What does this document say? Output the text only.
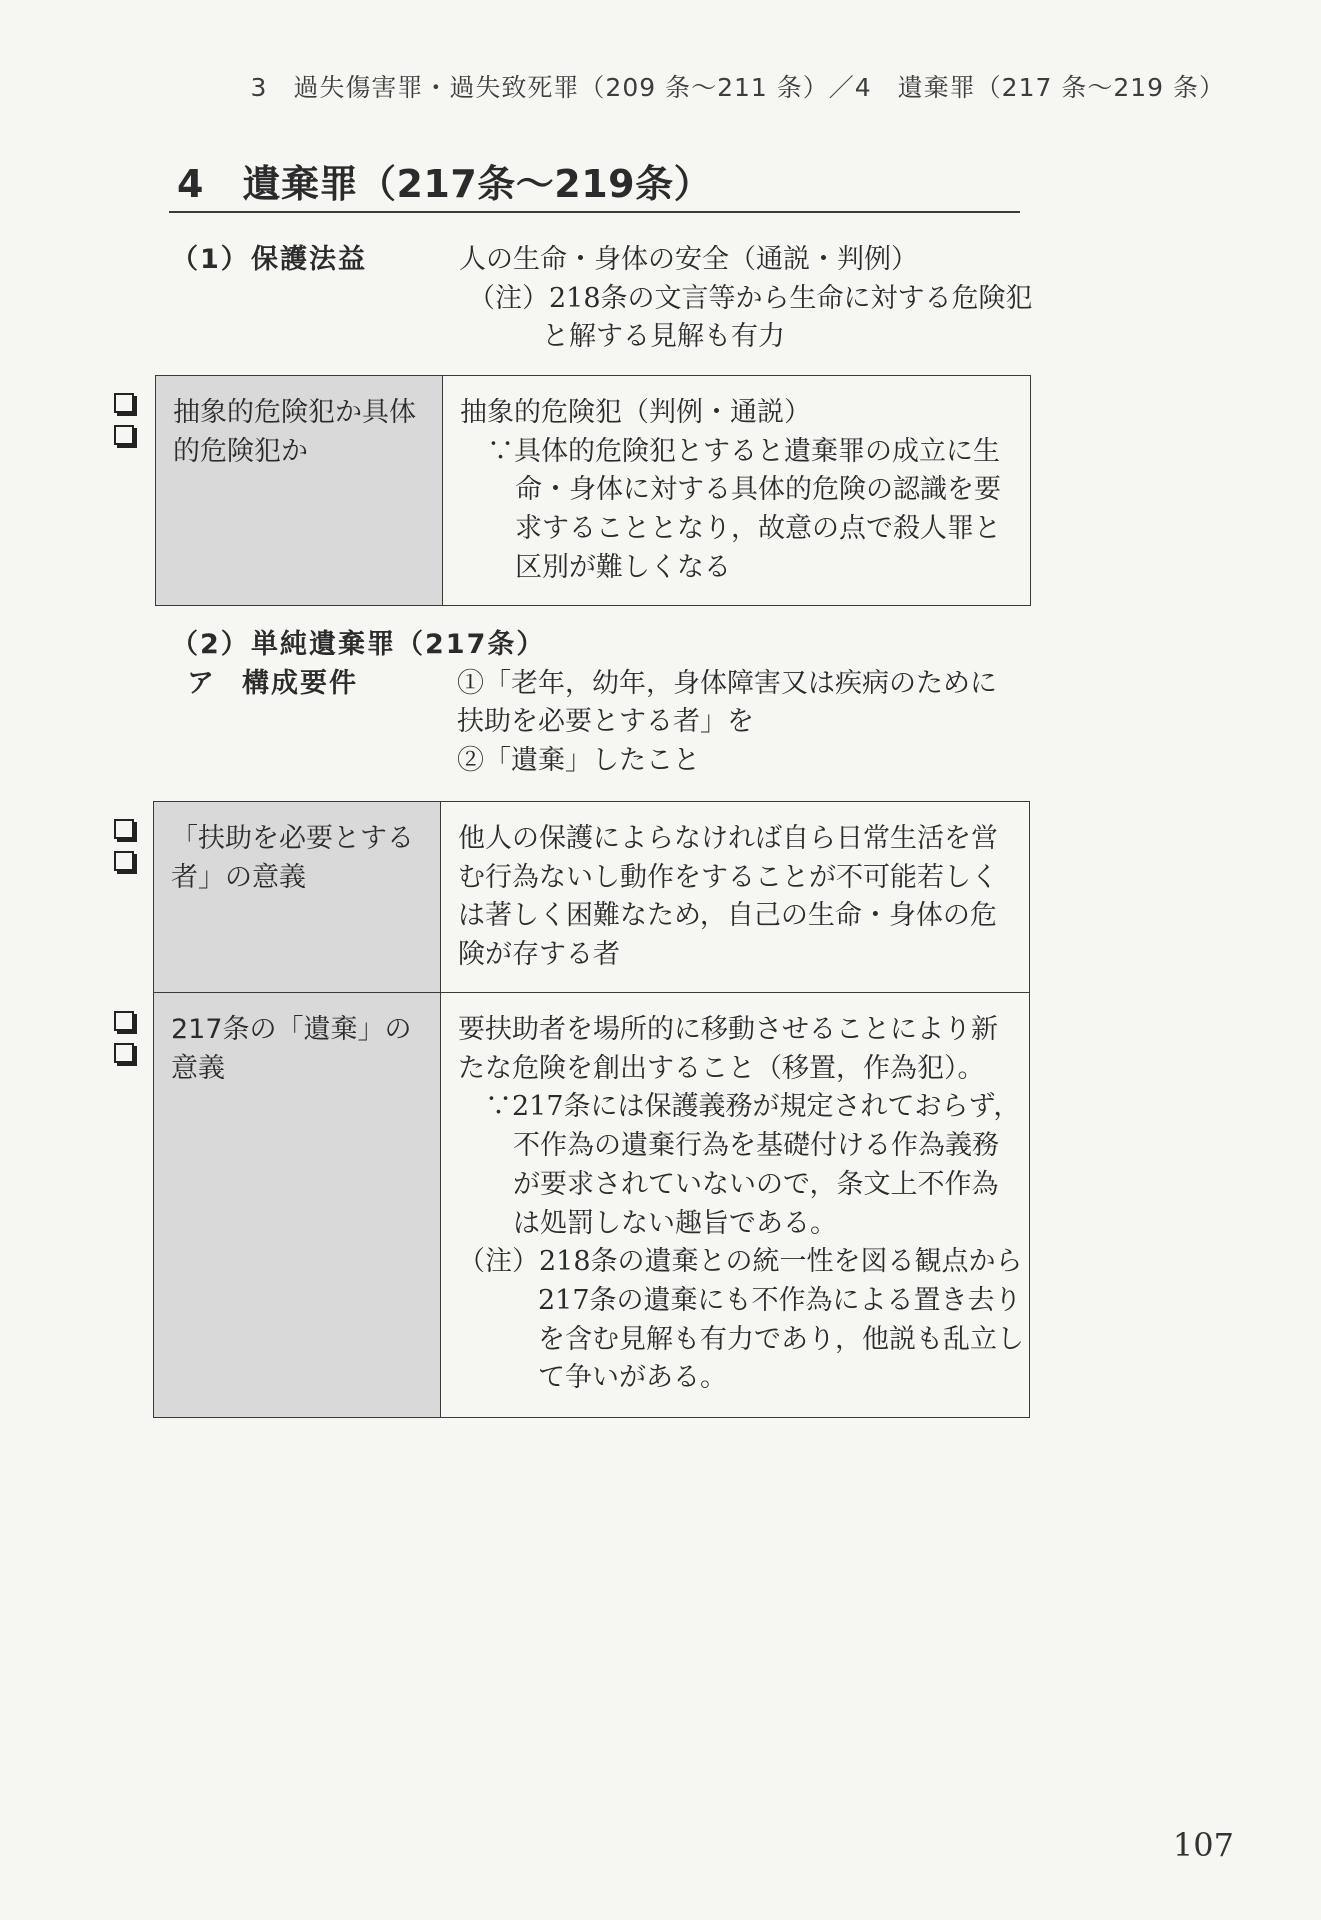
3　過失傷害罪・過失致死罪（209 条〜211 条）／4　遺棄罪（217 条〜219 条）
4　遺棄罪（217条〜219条）
（1） 保護法益	人の生命・身体の安全（通説・判例）
（注）218条の文言等から生命に対する危険犯
と解する見解も有力
抽象的危険犯か具体
的危険犯か
抽象的危険犯（判例・通説）
∵具体的危険犯とすると遺棄罪の成立に生
命・身体に対する具体的危険の認識を要
求することとなり，故意の点で殺人罪と
区別が難しくなる
（2） 単純遺棄罪（217条）
ア 構成要件	①「老年，幼年，身体障害又は疾病のために
扶助を必要とする者」を
②「遺棄」したこと
「扶助を必要とする
者」の意義
他人の保護によらなければ自ら日常生活を営
む行為ないし動作をすることが不可能若しく
は著しく困難なため，自己の生命・身体の危
険が存する者
217条の「遺棄」の
意義
要扶助者を場所的に移動させることにより新
たな危険を創出すること（移置，作為犯）。
∵217条には保護義務が規定されておらず，
不作為の遺棄行為を基礎付ける作為義務
が要求されていないので，条文上不作為
は処罰しない趣旨である。
（注）218条の遺棄との統一性を図る観点から
217条の遺棄にも不作為による置き去り
を含む見解も有力であり，他説も乱立し
て争いがある。
107
